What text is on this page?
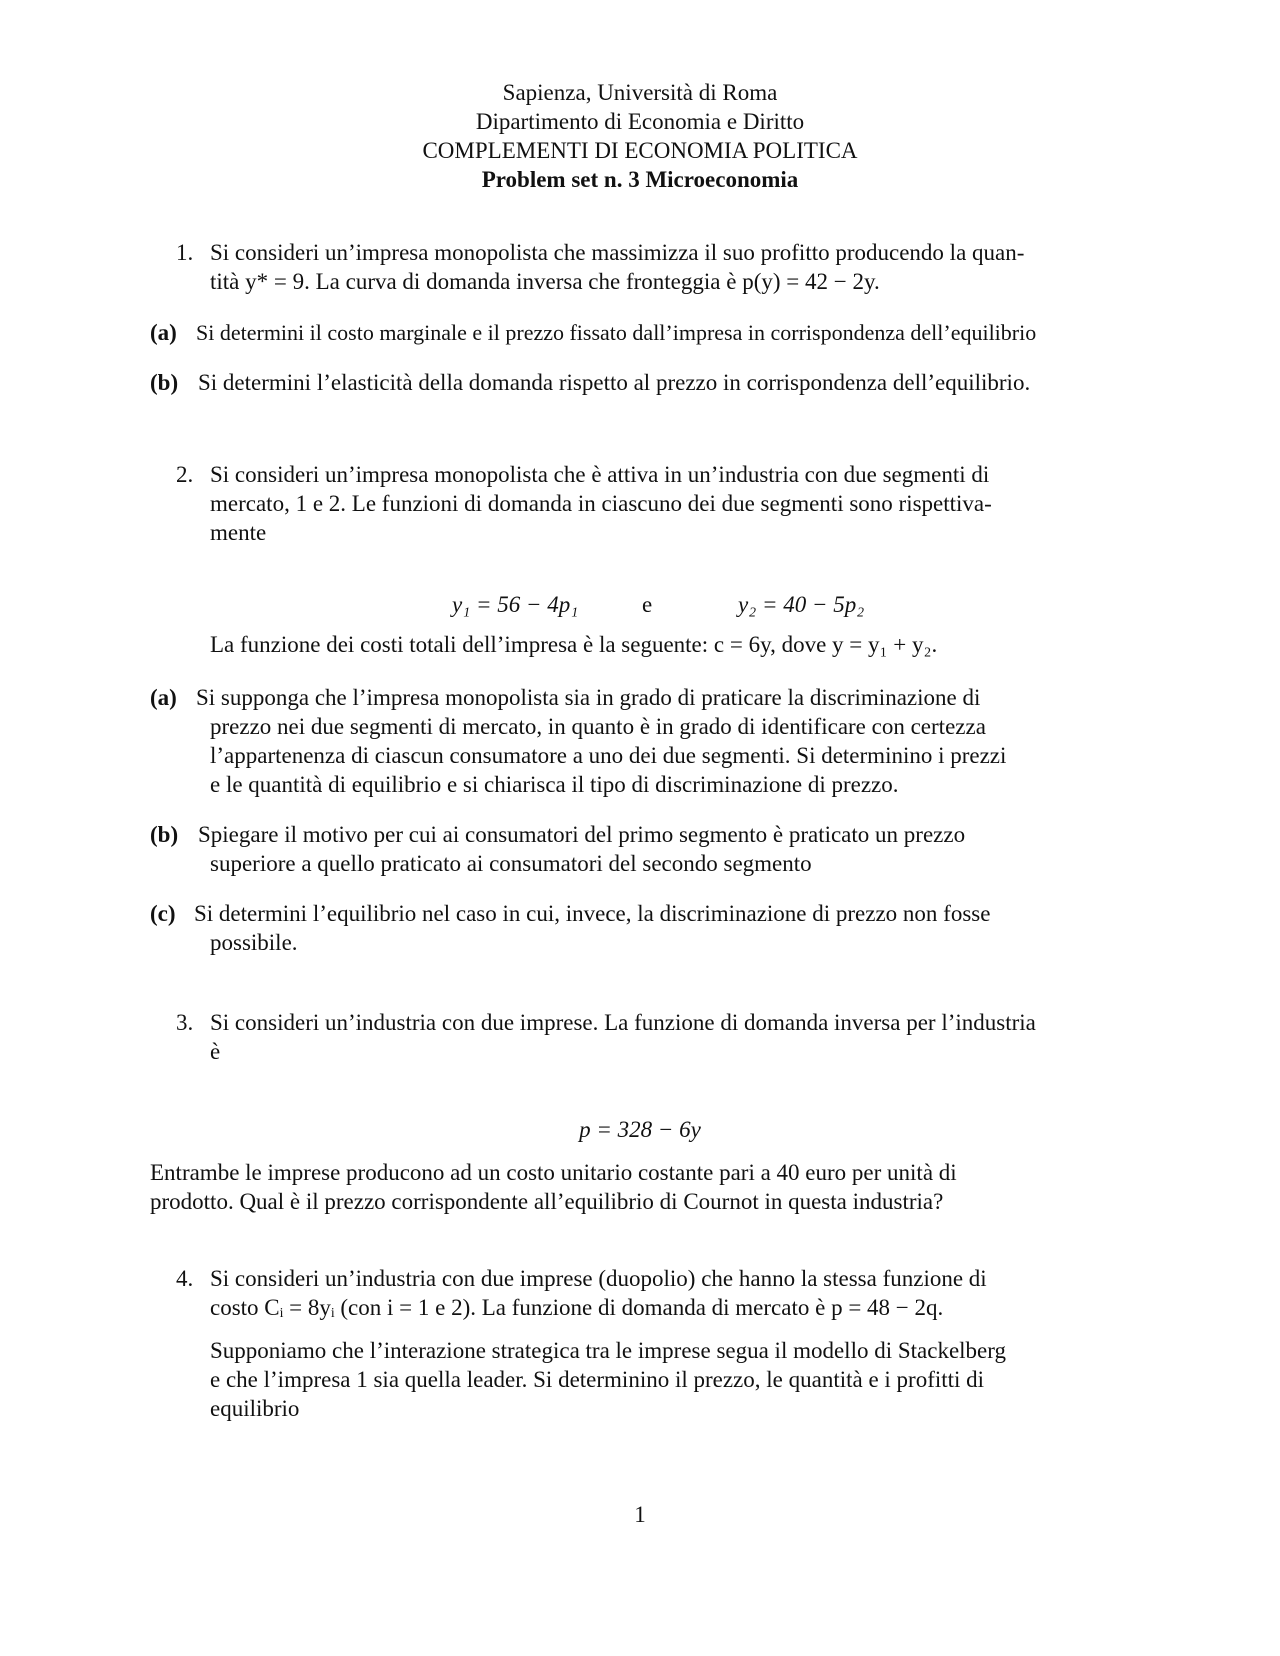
Sapienza, Università di Roma
Dipartimento di Economia e Diritto
COMPLEMENTI DI ECONOMIA POLITICA
Problem set n. 3 Microeconomia
1. Si consideri un’impresa monopolista che massimizza il suo profitto producendo la quan-
tità y* = 9. La curva di domanda inversa che fronteggia è p(y) = 42 − 2y.
(a) Si determini il costo marginale e il prezzo fissato dall’impresa in corrispondenza dell’equilibrio
(b) Si determini l’elasticità della domanda rispetto al prezzo in corrispondenza dell’equilibrio.
2. Si consideri un’impresa monopolista che è attiva in un’industria con due segmenti di
mercato, 1 e 2. Le funzioni di domanda in ciascuno dei due segmenti sono rispettiva-
mente
y₁ = 56 − 4p₁	e	y₂ = 40 − 5p₂
La funzione dei costi totali dell’impresa è la seguente: c = 6y, dove y = y₁ + y₂.
(a) Si supponga che l’impresa monopolista sia in grado di praticare la discriminazione di
prezzo nei due segmenti di mercato, in quanto è in grado di identificare con certezza
l’appartenenza di ciascun consumatore a uno dei due segmenti. Si determinino i prezzi
e le quantità di equilibrio e si chiarisca il tipo di discriminazione di prezzo.
(b) Spiegare il motivo per cui ai consumatori del primo segmento è praticato un prezzo
superiore a quello praticato ai consumatori del secondo segmento
(c) Si determini l’equilibrio nel caso in cui, invece, la discriminazione di prezzo non fosse
possibile.
3. Si consideri un’industria con due imprese. La funzione di domanda inversa per l’industria
è
p = 328 − 6y
Entrambe le imprese producono ad un costo unitario costante pari a 40 euro per unità di
prodotto. Qual è il prezzo corrispondente all’equilibrio di Cournot in questa industria?
4. Si consideri un’industria con due imprese (duopolio) che hanno la stessa funzione di
costo Cᵢ = 8yᵢ (con i = 1 e 2). La funzione di domanda di mercato è p = 48 − 2q.
Supponiamo che l’interazione strategica tra le imprese segua il modello di Stackelberg
e che l’impresa 1 sia quella leader. Si determinino il prezzo, le quantità e i profitti di
equilibrio
1
